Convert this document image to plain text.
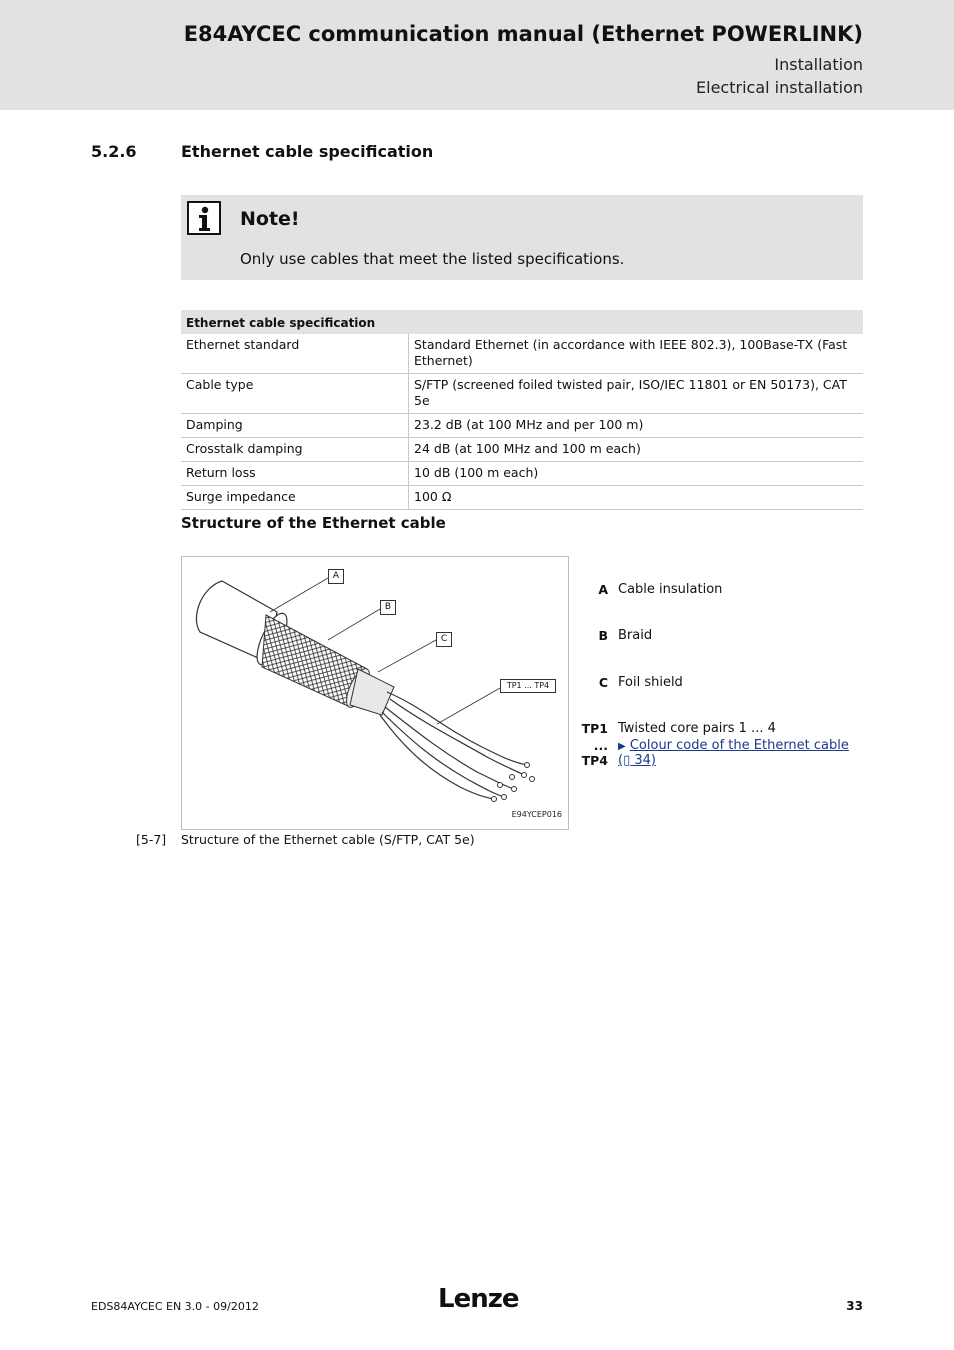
E84AYCEC communication manual (Ethernet POWERLINK)
Installation
Electrical installation
5.2.6	Ethernet cable specification
Note!
Only use cables that meet the listed specifications.
Ethernet cable specification	
Ethernet standard	Standard Ethernet (in accordance with IEEE 802.3), 100Base-TX (Fast Ethernet)
Cable type	S/FTP (screened foiled twisted pair, ISO/IEC 11801 or EN 50173), CAT 5e
Damping	23.2 dB (at 100 MHz and per 100 m)
Crosstalk damping	24 dB (at 100 MHz and 100 m each)
Return loss	10 dB (100 m each)
Surge impedance	100 Ω
Structure of the Ethernet cable
A
B
C
TP1 ... TP4
E94YCEP016
A Cable insulation
B Braid
C Foil shield
TP1 Twisted core pairs 1 ... 4
... ▶ Colour code of the Ethernet cable
TP4 (▯ 34)
[5-7] Structure of the Ethernet cable (S/FTP, CAT 5e)
EDS84AYCEC EN 3.0 - 09/2012	Lenze	33
